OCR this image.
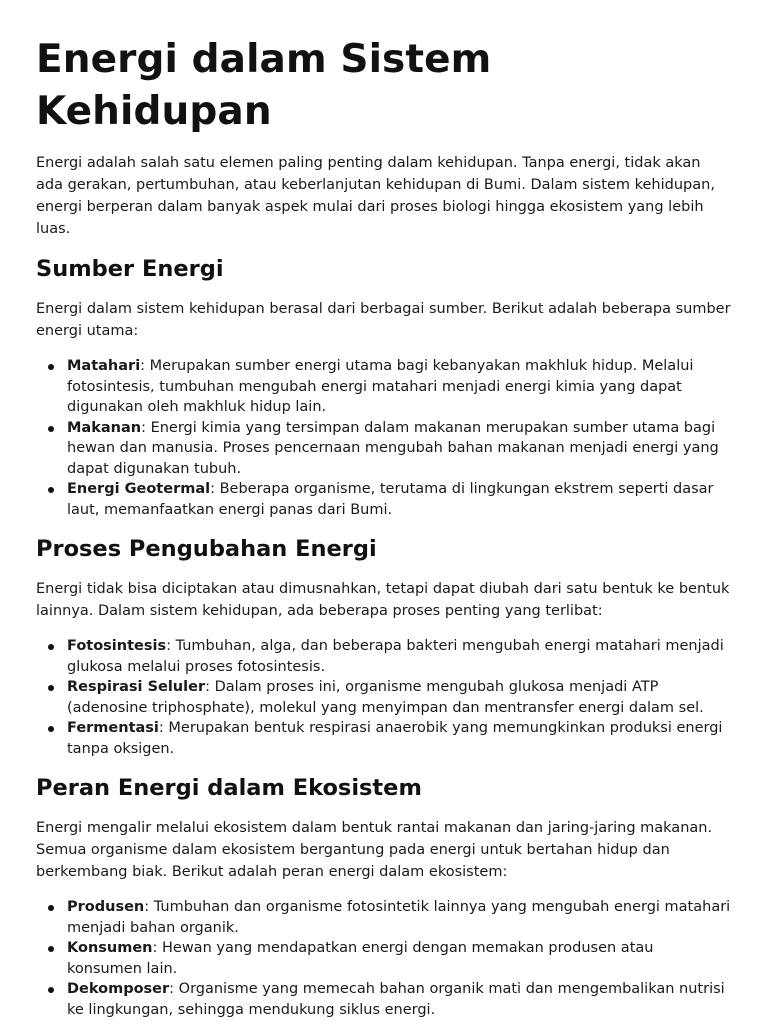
Energi dalam Sistem Kehidupan

Energi adalah salah satu elemen paling penting dalam kehidupan. Tanpa energi, tidak akan ada gerakan, pertumbuhan, atau keberlanjutan kehidupan di Bumi. Dalam sistem kehidupan, energi berperan dalam banyak aspek mulai dari proses biologi hingga ekosistem yang lebih luas.

Sumber Energi

Energi dalam sistem kehidupan berasal dari berbagai sumber. Berikut adalah beberapa sumber energi utama:

Matahari: Merupakan sumber energi utama bagi kebanyakan makhluk hidup. Melalui fotosintesis, tumbuhan mengubah energi matahari menjadi energi kimia yang dapat digunakan oleh makhluk hidup lain.
Makanan: Energi kimia yang tersimpan dalam makanan merupakan sumber utama bagi hewan dan manusia. Proses pencernaan mengubah bahan makanan menjadi energi yang dapat digunakan tubuh.
Energi Geotermal: Beberapa organisme, terutama di lingkungan ekstrem seperti dasar laut, memanfaatkan energi panas dari Bumi.
Proses Pengubahan Energi

Energi tidak bisa diciptakan atau dimusnahkan, tetapi dapat diubah dari satu bentuk ke bentuk lainnya. Dalam sistem kehidupan, ada beberapa proses penting yang terlibat:

Fotosintesis: Tumbuhan, alga, dan beberapa bakteri mengubah energi matahari menjadi glukosa melalui proses fotosintesis.
Respirasi Seluler: Dalam proses ini, organisme mengubah glukosa menjadi ATP (adenosine triphosphate), molekul yang menyimpan dan mentransfer energi dalam sel.
Fermentasi: Merupakan bentuk respirasi anaerobik yang memungkinkan produksi energi tanpa oksigen.
Peran Energi dalam Ekosistem

Energi mengalir melalui ekosistem dalam bentuk rantai makanan dan jaring-jaring makanan. Semua organisme dalam ekosistem bergantung pada energi untuk bertahan hidup dan berkembang biak. Berikut adalah peran energi dalam ekosistem:

Produsen: Tumbuhan dan organisme fotosintetik lainnya yang mengubah energi matahari menjadi bahan organik.
Konsumen: Hewan yang mendapatkan energi dengan memakan produsen atau konsumen lain.
Dekomposer: Organisme yang memecah bahan organik mati dan mengembalikan nutrisi ke lingkungan, sehingga mendukung siklus energi.
